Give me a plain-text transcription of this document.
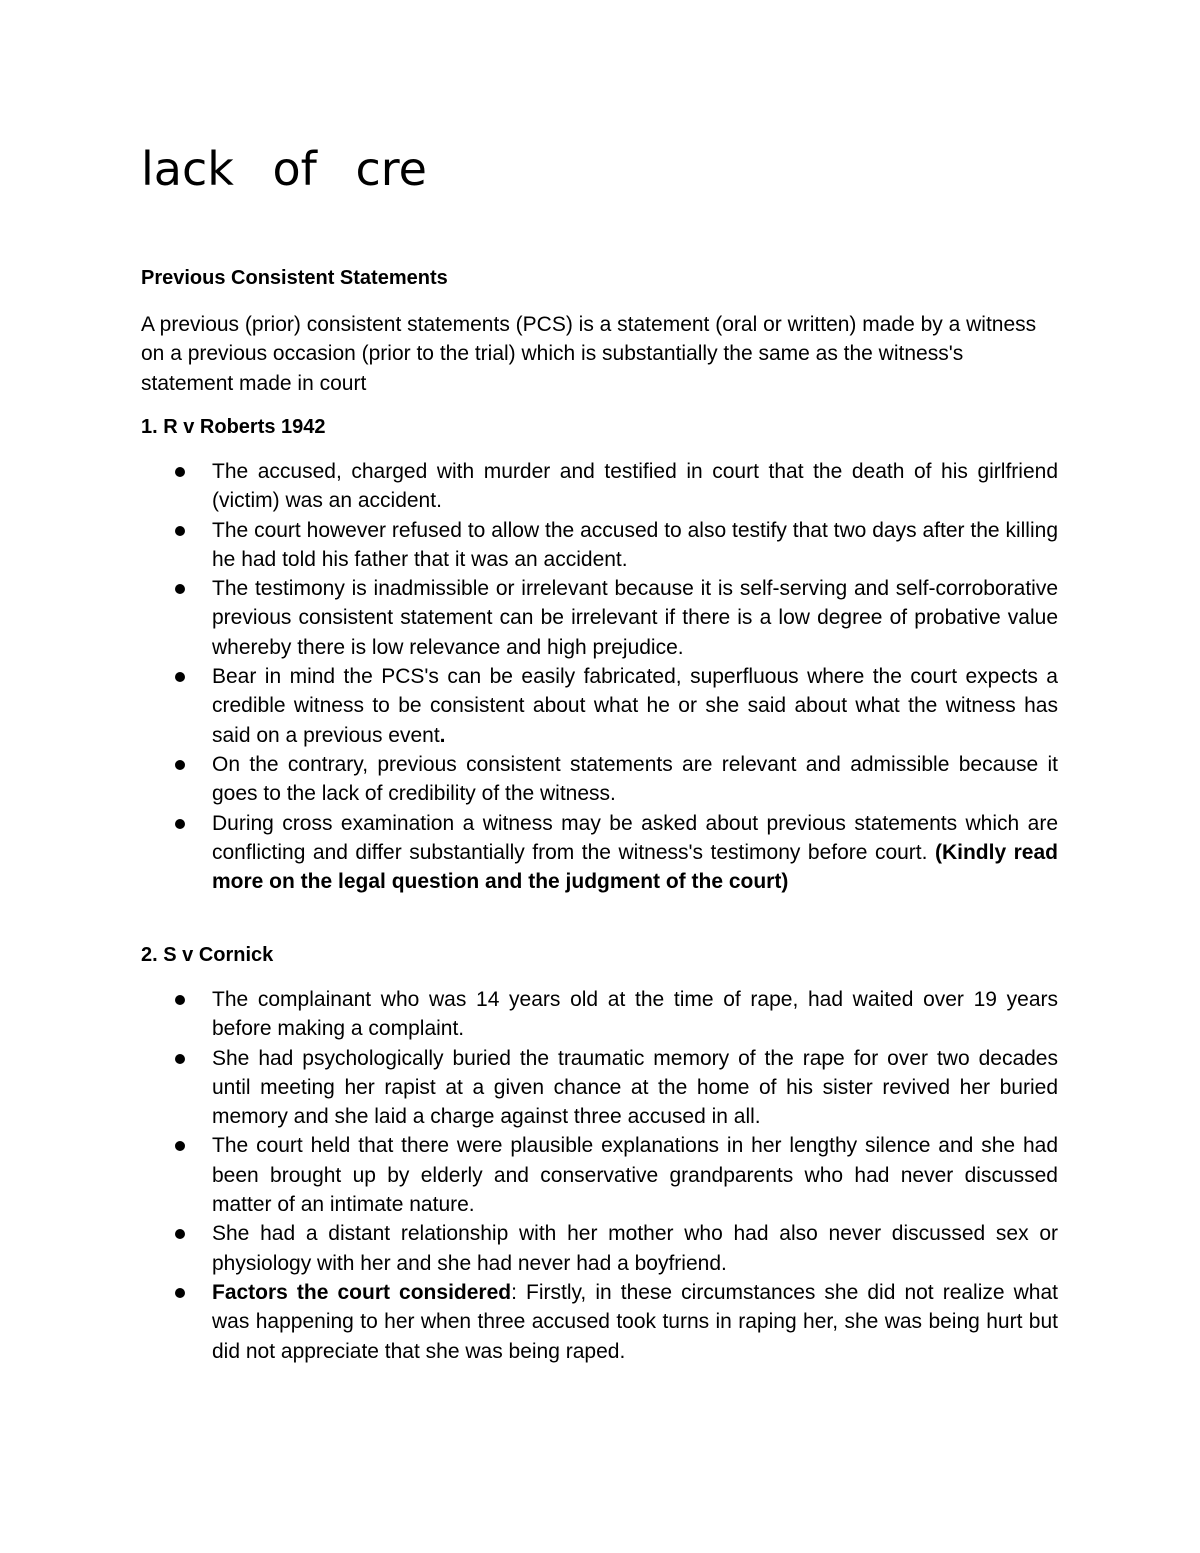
lack of cre
Previous Consistent Statements

A previous (prior) consistent statements (PCS) is a statement (oral or written) made by a witness on a previous occasion (prior to the trial) which is substantially the same as the witness's statement made in court

1. R v Roberts 1942
The accused, charged with murder and testified in court that the death of his girlfriend (victim) was an accident.
The court however refused to allow the accused to also testify that two days after the killing he had told his father that it was an accident.
The testimony is inadmissible or irrelevant because it is self-serving and self-corroborative previous consistent statement can be irrelevant if there is a low degree of probative value whereby there is low relevance and high prejudice.
Bear in mind the PCS's can be easily fabricated, superfluous where the court expects a credible witness to be consistent about what he or she said about what the witness has said on a previous event.
On the contrary, previous consistent statements are relevant and admissible because it goes to the lack of credibility of the witness.
During cross examination a witness may be asked about previous statements which are conflicting and differ substantially from the witness's testimony before court. (Kindly read more on the legal question and the judgment of the court)
2. S v Cornick
The complainant who was 14 years old at the time of rape, had waited over 19 years before making a complaint.
She had psychologically buried the traumatic memory of the rape for over two decades until meeting her rapist at a given chance at the home of his sister revived her buried memory and she laid a charge against three accused in all.
The court held that there were plausible explanations in her lengthy silence and she had been brought up by elderly and conservative grandparents who had never discussed matter of an intimate nature.
She had a distant relationship with her mother who had also never discussed sex or physiology with her and she had never had a boyfriend.
Factors the court considered: Firstly, in these circumstances she did not realize what was happening to her when three accused took turns in raping her, she was being hurt but did not appreciate that she was being raped.
